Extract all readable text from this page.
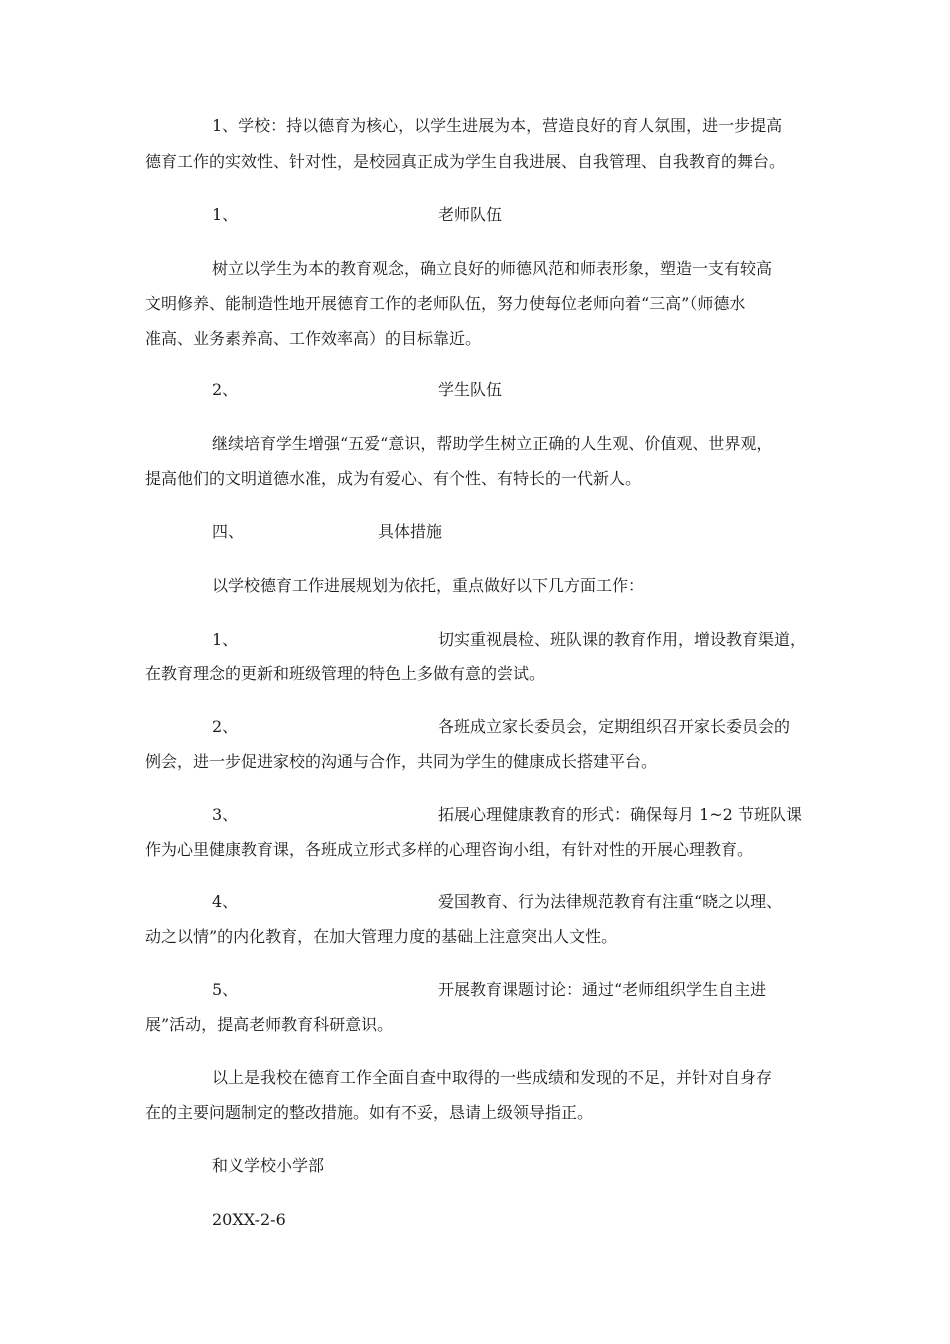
1、学校：持以德育为核心，以学生进展为本，营造良好的育人氛围，进一步提高
德育工作的实效性、针对性，是校园真正成为学生自我进展、自我管理、自我教育的舞台。
1、	老师队伍
树立以学生为本的教育观念，确立良好的师德风范和师表形象，塑造一支有较高
文明修养、能制造性地开展德育工作的老师队伍，努力使每位老师向着“三高”（师德水
准高、业务素养高、工作效率高）的目标靠近。
2、	学生队伍
继续培育学生增强“五爱“意识，帮助学生树立正确的人生观、价值观、世界观，
提高他们的文明道德水准，成为有爱心、有个性、有特长的一代新人。
四、	具体措施
以学校德育工作进展规划为依托，重点做好以下几方面工作：
1、	切实重视晨检、班队课的教育作用，增设教育渠道，
在教育理念的更新和班级管理的特色上多做有意的尝试。
2、	各班成立家长委员会，定期组织召开家长委员会的
例会，进一步促进家校的沟通与合作，共同为学生的健康成长搭建平台。
3、	拓展心理健康教育的形式：确保每月 1~2 节班队课
作为心里健康教育课，各班成立形式多样的心理咨询小组，有针对性的开展心理教育。
4、	爱国教育、行为法律规范教育有注重“晓之以理、
动之以情”的内化教育，在加大管理力度的基础上注意突出人文性。
5、	开展教育课题讨论：通过“老师组织学生自主进
展”活动，提高老师教育科研意识。
以上是我校在德育工作全面自查中取得的一些成绩和发现的不足，并针对自身存
在的主要问题制定的整改措施。如有不妥，恳请上级领导指正。
和义学校小学部
20XX-2-6
